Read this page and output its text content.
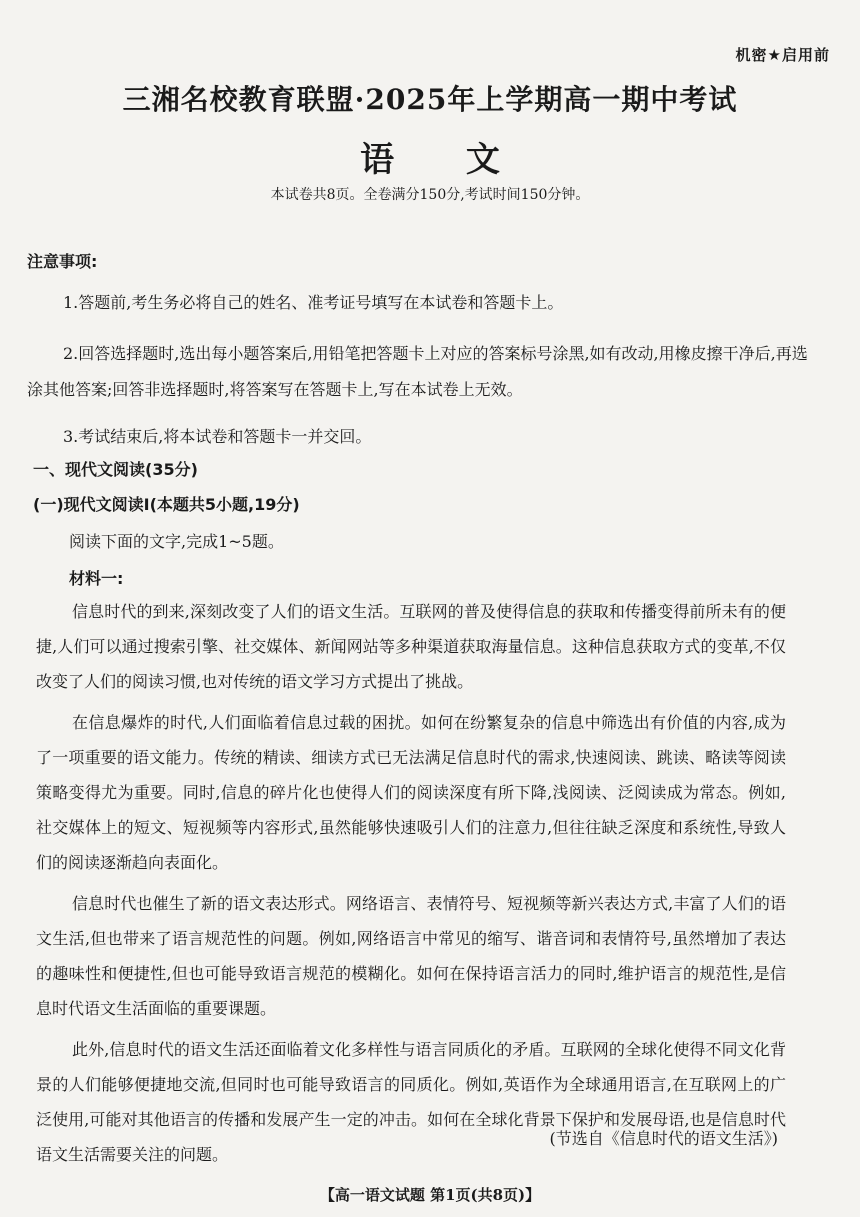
机密★启用前
三湘名校教育联盟·2025年上学期高一期中考试
语 文
本试卷共8页。全卷满分150分,考试时间150分钟。
注意事项:

1.答题前,考生务必将自己的姓名、准考证号填写在本试卷和答题卡上。

2.回答选择题时,选出每小题答案后,用铅笔把答题卡上对应的答案标号涂黑,如有改动,用橡皮擦干净后,再选涂其他答案;回答非选择题时,将答案写在答题卡上,写在本试卷上无效。

3.考试结束后,将本试卷和答题卡一并交回。

一、现代文阅读(35分)
(一)现代文阅读Ⅰ(本题共5小题,19分)
阅读下面的文字,完成1~5题。
材料一:

信息时代的到来,深刻改变了人们的语文生活。互联网的普及使得信息的获取和传播变得前所未有的便捷,人们可以通过搜索引擎、社交媒体、新闻网站等多种渠道获取海量信息。这种信息获取方式的变革,不仅改变了人们的阅读习惯,也对传统的语文学习方式提出了挑战。

在信息爆炸的时代,人们面临着信息过载的困扰。如何在纷繁复杂的信息中筛选出有价值的内容,成为了一项重要的语文能力。传统的精读、细读方式已无法满足信息时代的需求,快速阅读、跳读、略读等阅读策略变得尤为重要。同时,信息的碎片化也使得人们的阅读深度有所下降,浅阅读、泛阅读成为常态。例如,社交媒体上的短文、短视频等内容形式,虽然能够快速吸引人们的注意力,但往往缺乏深度和系统性,导致人们的阅读逐渐趋向表面化。

信息时代也催生了新的语文表达形式。网络语言、表情符号、短视频等新兴表达方式,丰富了人们的语文生活,但也带来了语言规范性的问题。例如,网络语言中常见的缩写、谐音词和表情符号,虽然增加了表达的趣味性和便捷性,但也可能导致语言规范的模糊化。如何在保持语言活力的同时,维护语言的规范性,是信息时代语文生活面临的重要课题。

此外,信息时代的语文生活还面临着文化多样性与语言同质化的矛盾。互联网的全球化使得不同文化背景的人们能够便捷地交流,但同时也可能导致语言的同质化。例如,英语作为全球通用语言,在互联网上的广泛使用,可能对其他语言的传播和发展产生一定的冲击。如何在全球化背景下保护和发展母语,也是信息时代语文生活需要关注的问题。

(节选自《信息时代的语文生活》)
【高一语文试题 第1页(共8页)】
